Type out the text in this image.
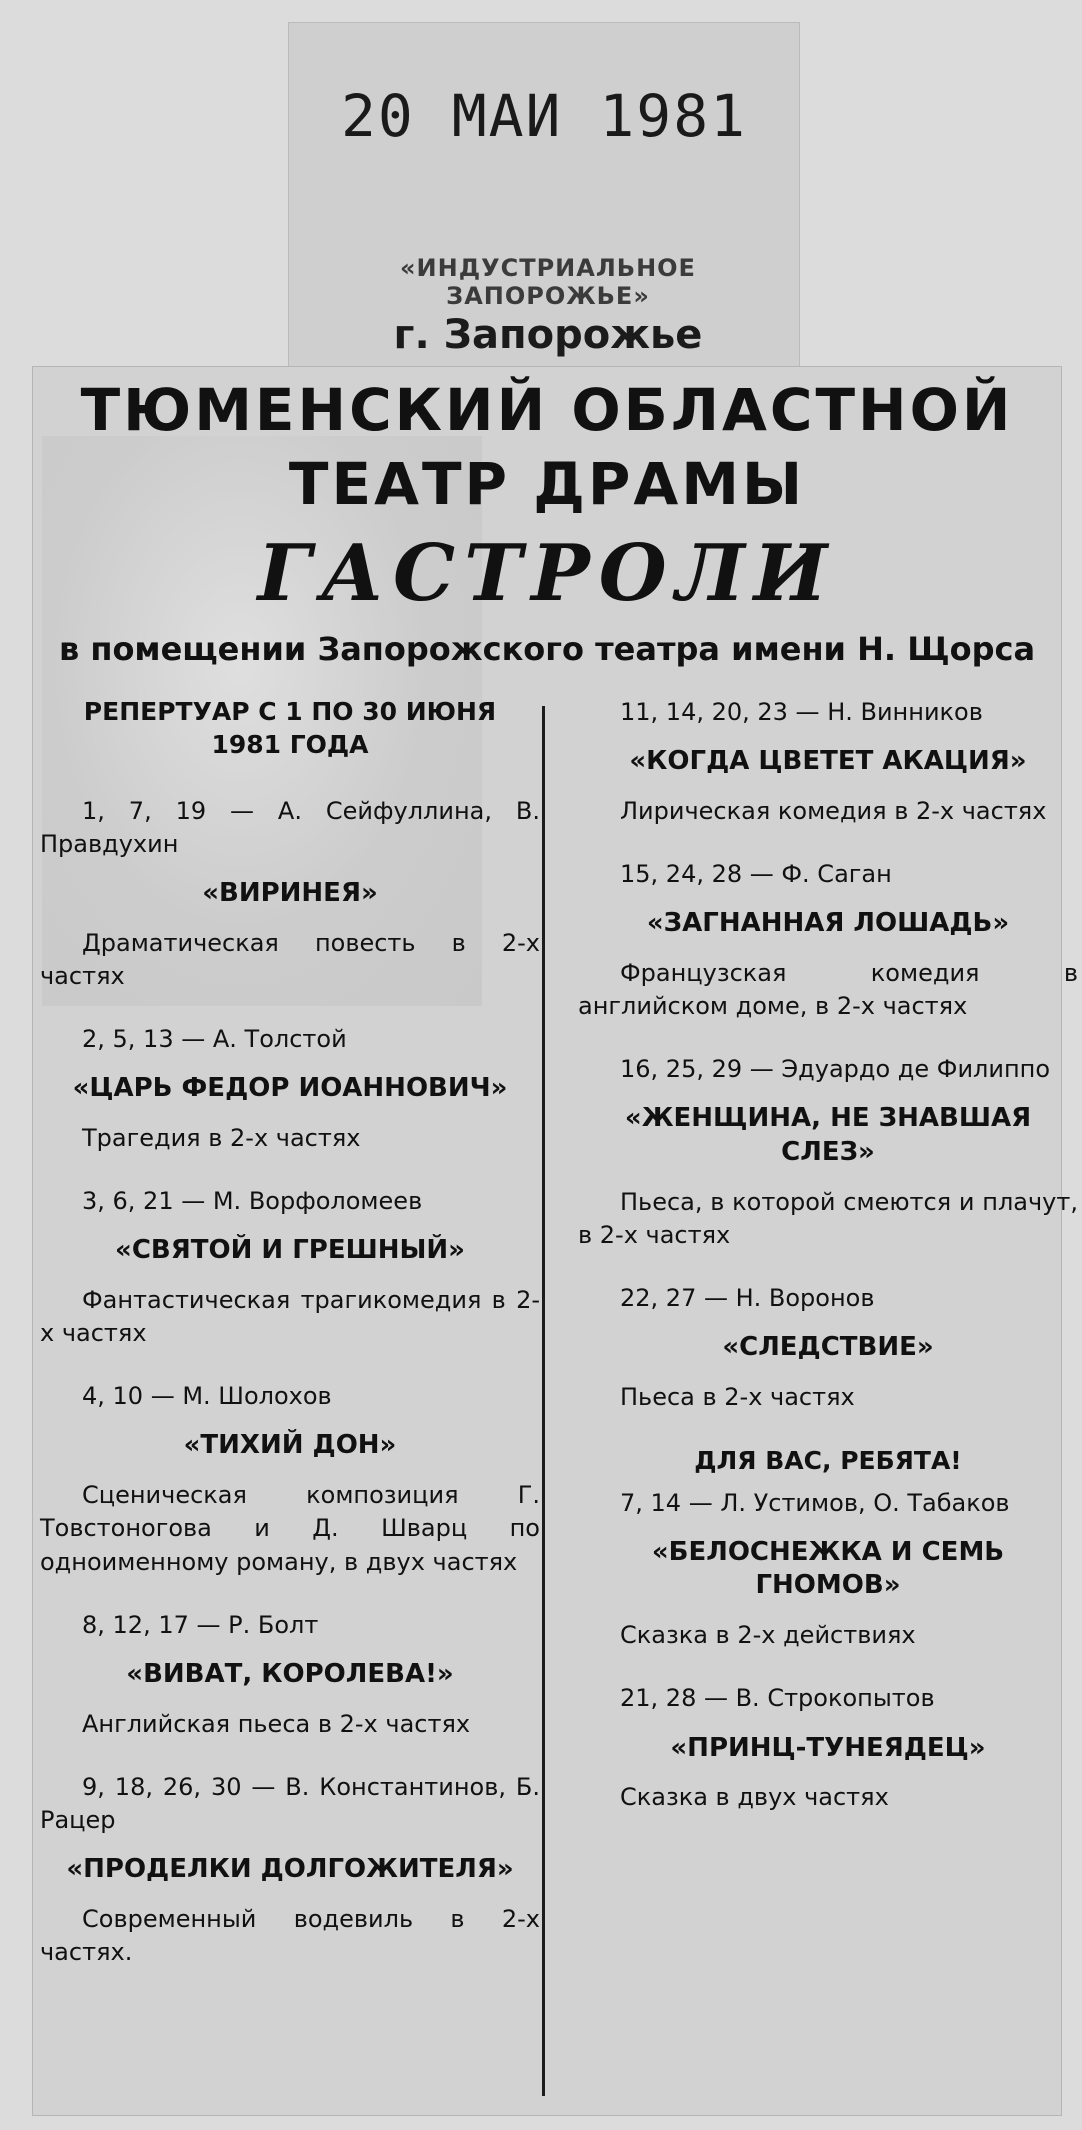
20 МАИ 1981
«ИНДУСТРИАЛЬНОЕ ЗАПОРОЖЬЕ»
г. Запорожье
ТЮМЕНСКИЙ ОБЛАСТНОЙ
ТЕАТР ДРАМЫ
ГАСТРОЛИ
в помещении Запорожского театра имени Н. Щорса
РЕПЕРТУАР С 1 ПО 30 ИЮНЯ
1981 ГОДА
1, 7, 19 — А. Сейфуллина, В. Правдухин
«ВИРИНЕЯ»
Драматическая повесть в 2-х частях
2, 5, 13 — А. Толстой
«ЦАРЬ ФЕДОР ИОАННОВИЧ»
Трагедия в 2-х частях
3, 6, 21 — М. Ворфоломеев
«СВЯТОЙ И ГРЕШНЫЙ»
Фантастическая трагикомедия в 2-х частях
4, 10 — М. Шолохов
«ТИХИЙ ДОН»
Сценическая композиция Г. Товстоногова и Д. Шварц по одноименному роману, в двух частях
8, 12, 17 — Р. Болт
«ВИВАТ, КОРОЛЕВА!»
Английская пьеса в 2-х частях
9, 18, 26, 30 — В. Константинов, Б. Рацер
«ПРОДЕЛКИ ДОЛГОЖИТЕЛЯ»
Современный водевиль в 2-х частях.
11, 14, 20, 23 — Н. Винников
«КОГДА ЦВЕТЕТ АКАЦИЯ»
Лирическая комедия в 2-х частях
15, 24, 28 — Ф. Саган
«ЗАГНАННАЯ ЛОШАДЬ»
Французская комедия в английском доме, в 2-х частях
16, 25, 29 — Эдуардо де Филиппо
«ЖЕНЩИНА, НЕ ЗНАВШАЯ СЛЕЗ»
Пьеса, в которой смеются и плачут, в 2-х частях
22, 27 — Н. Воронов
«СЛЕДСТВИЕ»
Пьеса в 2-х частях
ДЛЯ ВАС, РЕБЯТА!
7, 14 — Л. Устимов, О. Табаков
«БЕЛОСНЕЖКА И СЕМЬ ГНОМОВ»
Сказка в 2-х действиях
21, 28 — В. Строкопытов
«ПРИНЦ-ТУНЕЯДЕЦ»
Сказка в двух частях
